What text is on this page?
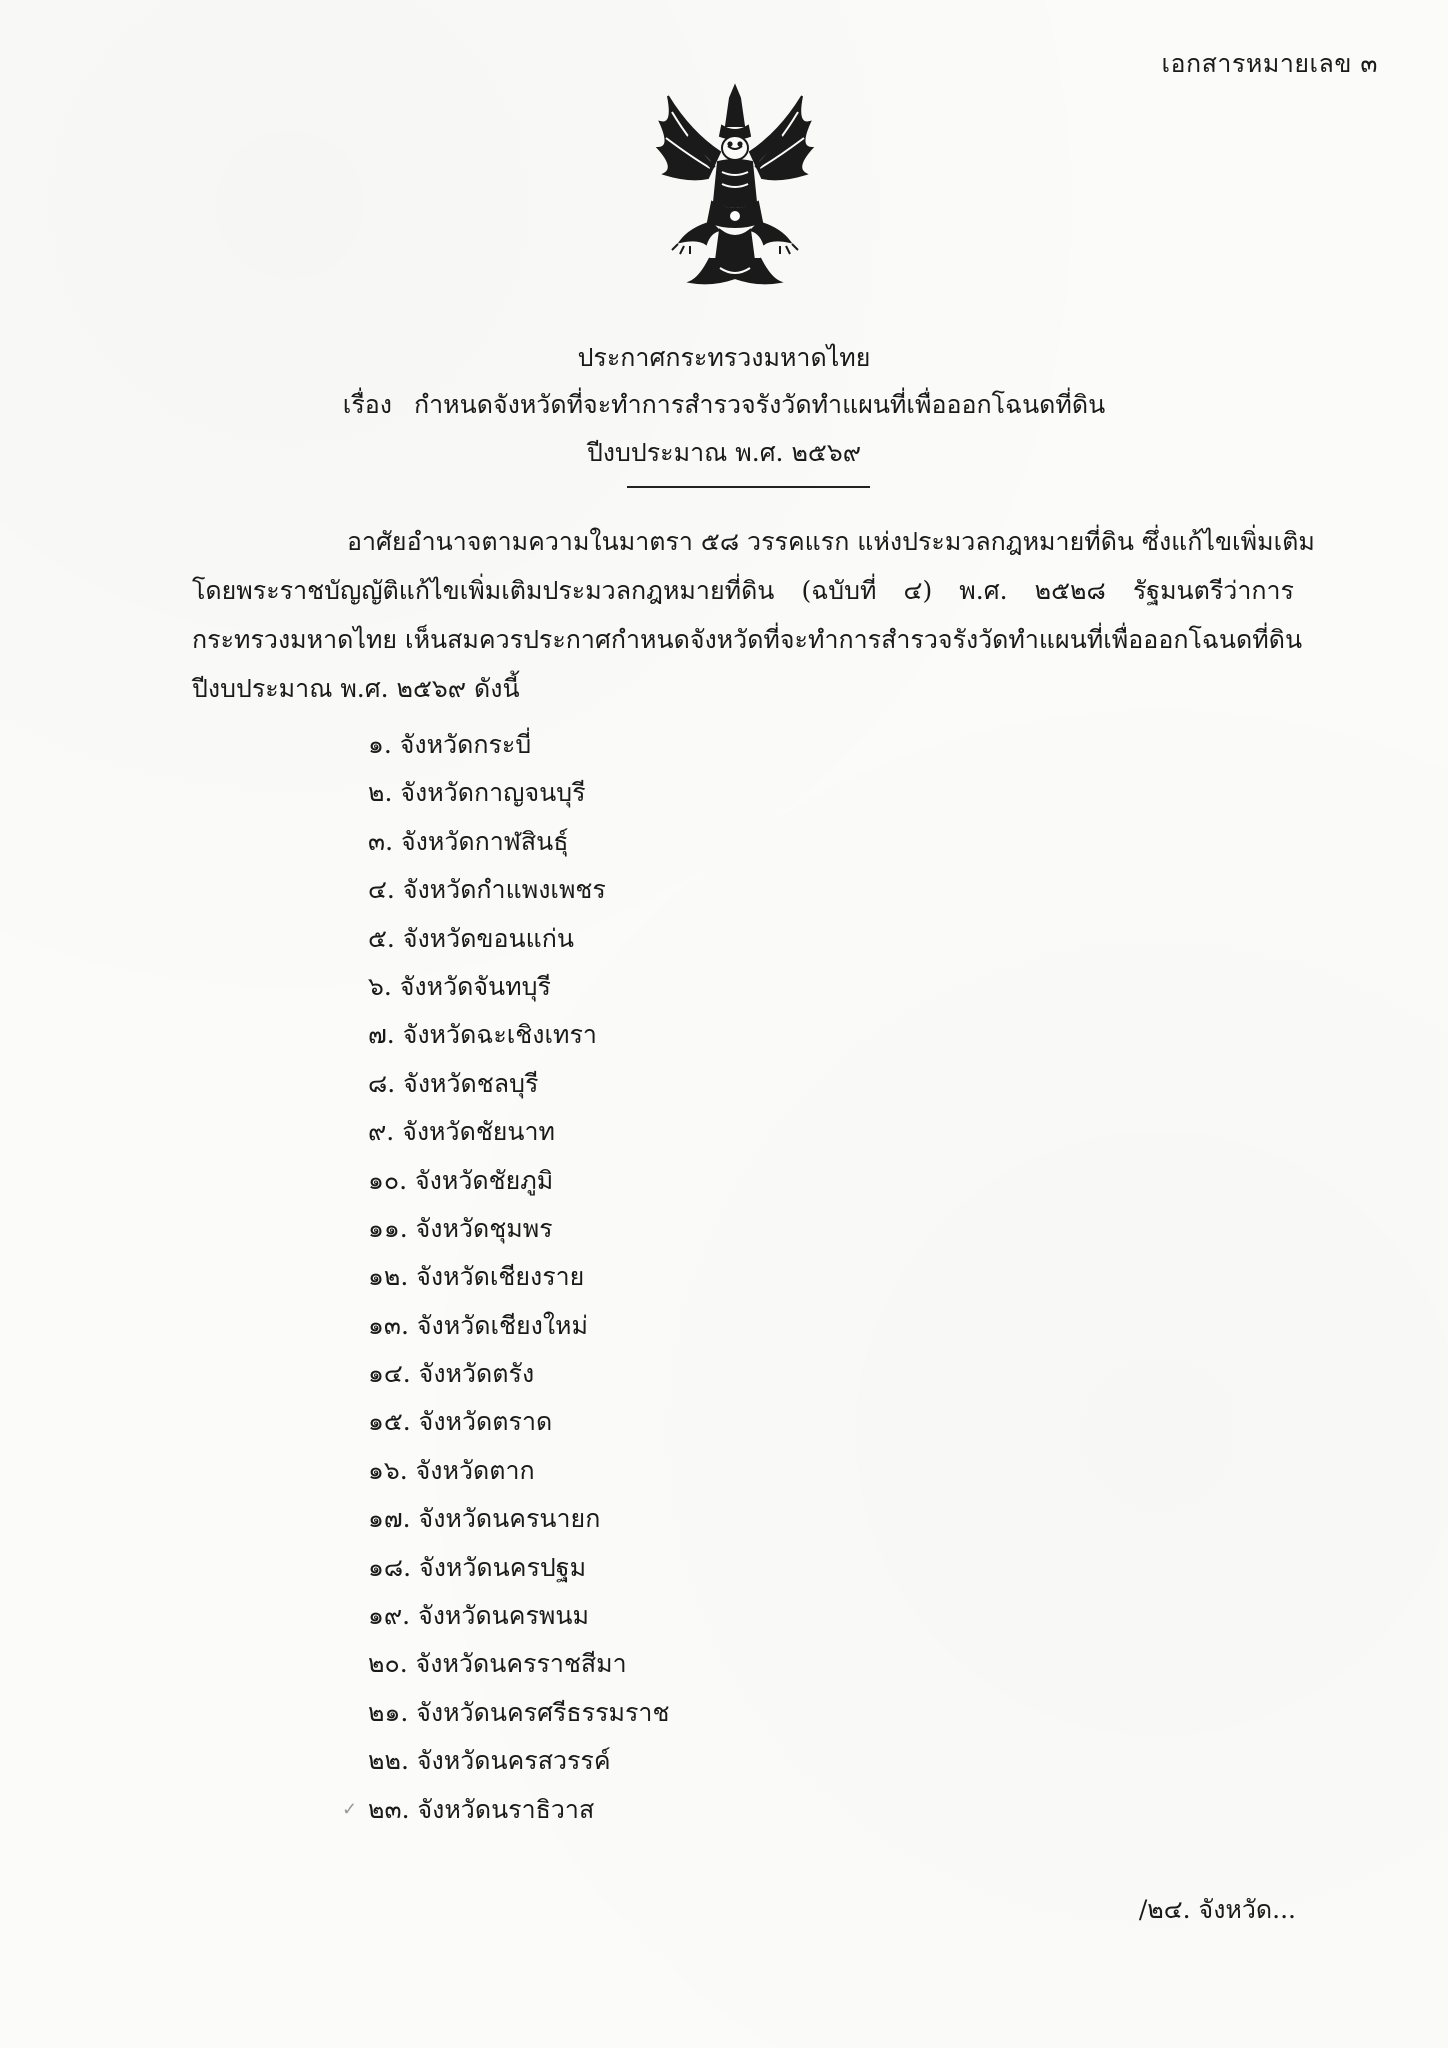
เอกสารหมายเลข ๓
ประกาศกระทรวงมหาดไทย
เรื่อง กำหนดจังหวัดที่จะทำการสำรวจรังวัดทำแผนที่เพื่อออกโฉนดที่ดิน
ปีงบประมาณ พ.ศ. ๒๕๖๙
อาศัยอำนาจตามความในมาตรา ๕๘ วรรคแรก แห่งประมวลกฎหมายที่ดิน ซึ่งแก้ไขเพิ่มเติม
โดยพระราชบัญญัติแก้ไขเพิ่มเติมประมวลกฎหมายที่ดิน (ฉบับที่ ๔) พ.ศ. ๒๕๒๘ รัฐมนตรีว่าการ
กระทรวงมหาดไทย เห็นสมควรประกาศกำหนดจังหวัดที่จะทำการสำรวจรังวัดทำแผนที่เพื่อออกโฉนดที่ดิน
ปีงบประมาณ พ.ศ. ๒๕๖๙ ดังนี้
๑. จังหวัดกระบี่
๒. จังหวัดกาญจนบุรี
๓. จังหวัดกาฬสินธุ์
๔. จังหวัดกำแพงเพชร
๕. จังหวัดขอนแก่น
๖. จังหวัดจันทบุรี
๗. จังหวัดฉะเชิงเทรา
๘. จังหวัดชลบุรี
๙. จังหวัดชัยนาท
๑๐. จังหวัดชัยภูมิ
๑๑. จังหวัดชุมพร
๑๒. จังหวัดเชียงราย
๑๓. จังหวัดเชียงใหม่
๑๔. จังหวัดตรัง
๑๕. จังหวัดตราด
๑๖. จังหวัดตาก
๑๗. จังหวัดนครนายก
๑๘. จังหวัดนครปฐม
๑๙. จังหวัดนครพนม
๒๐. จังหวัดนครราชสีมา
๒๑. จังหวัดนครศรีธรรมราช
๒๒. จังหวัดนครสวรรค์
✓ ๒๓. จังหวัดนราธิวาส
/๒๔. จังหวัด...
